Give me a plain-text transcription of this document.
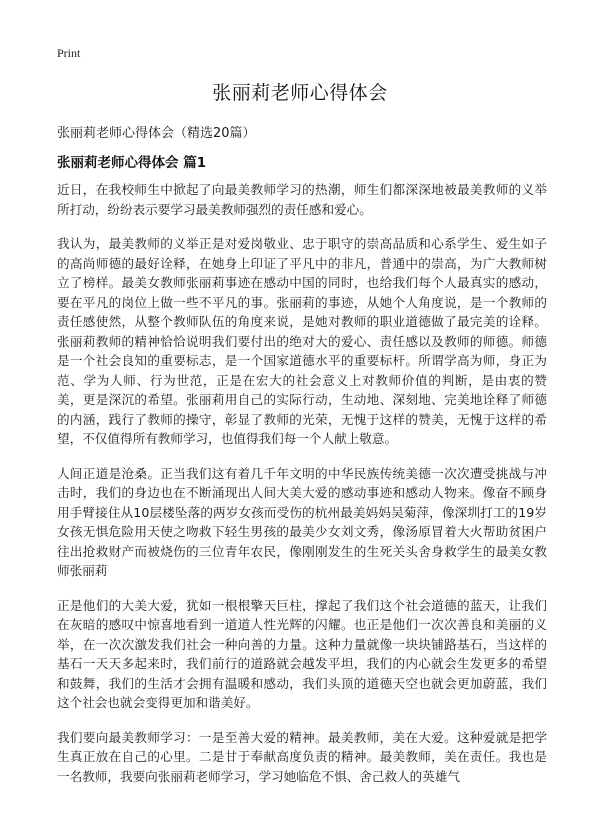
Print
张丽莉老师心得体会
张丽莉老师心得体会（精选20篇）
张丽莉老师心得体会 篇1

近日，在我校师生中掀起了向最美教师学习的热潮，师生们都深深地被最美教师的义举所打动，纷纷表示要学习最美教师强烈的责任感和爱心。

我认为，最美教师的义举正是对爱岗敬业、忠于职守的崇高品质和心系学生、爱生如子的高尚师德的最好诠释，在她身上印证了平凡中的非凡，普通中的崇高，为广大教师树立了榜样。最美女教师张丽莉事迹在感动中国的同时，也给我们每个人最真实的感动，要在平凡的岗位上做一些不平凡的事。张丽莉的事迹，从她个人角度说，是一个教师的责任感使然，从整个教师队伍的角度来说，是她对教师的职业道德做了最完美的诠释。张丽莉教师的精神恰恰说明我们要付出的绝对大的爱心、责任感以及教师的师德。师德是一个社会良知的重要标志，是一个国家道德水平的重要标杆。所谓学高为师，身正为范、学为人师、行为世范，正是在宏大的社会意义上对教师价值的判断，是由衷的赞美，更是深沉的希望。张丽莉用自己的实际行动，生动地、深刻地、完美地诠释了师德的内涵，践行了教师的操守，彰显了教师的光荣，无愧于这样的赞美，无愧于这样的希望，不仅值得所有教师学习，也值得我们每一个人献上敬意。

人间正道是沧桑。正当我们这有着几千年文明的中华民族传统美德一次次遭受挑战与冲击时，我们的身边也在不断涌现出人间大美大爱的感动事迹和感动人物来。像奋不顾身用手臂接住从10层楼坠落的两岁女孩而受伤的杭州最美妈妈吴菊萍，像深圳打工的19岁女孩无惧危险用天使之吻救下轻生男孩的最美少女刘文秀，像汤原冒着大火帮助贫困户往出抢救财产而被烧伤的三位青年农民，像刚刚发生的生死关头舍身救学生的最美女教师张丽莉

正是他们的大美大爱，犹如一根根擎天巨柱，撑起了我们这个社会道德的蓝天，让我们在灰暗的感叹中惊喜地看到一道道人性光辉的闪耀。也正是他们一次次善良和美丽的义举，在一次次激发我们社会一种向善的力量。这种力量就像一块块铺路基石，当这样的基石一天天多起来时，我们前行的道路就会越发平坦，我们的内心就会生发更多的希望和鼓舞，我们的生活才会拥有温暖和感动，我们头顶的道德天空也就会更加蔚蓝，我们这个社会也就会变得更加和谐美好。

我们要向最美教师学习：一是至善大爱的精神。最美教师，美在大爱。这种爱就是把学生真正放在自己的心里。二是甘于奉献高度负责的精神。最美教师，美在责任。我也是一名教师，我要向张丽莉老师学习，学习她临危不惧、舍己救人的英雄气
